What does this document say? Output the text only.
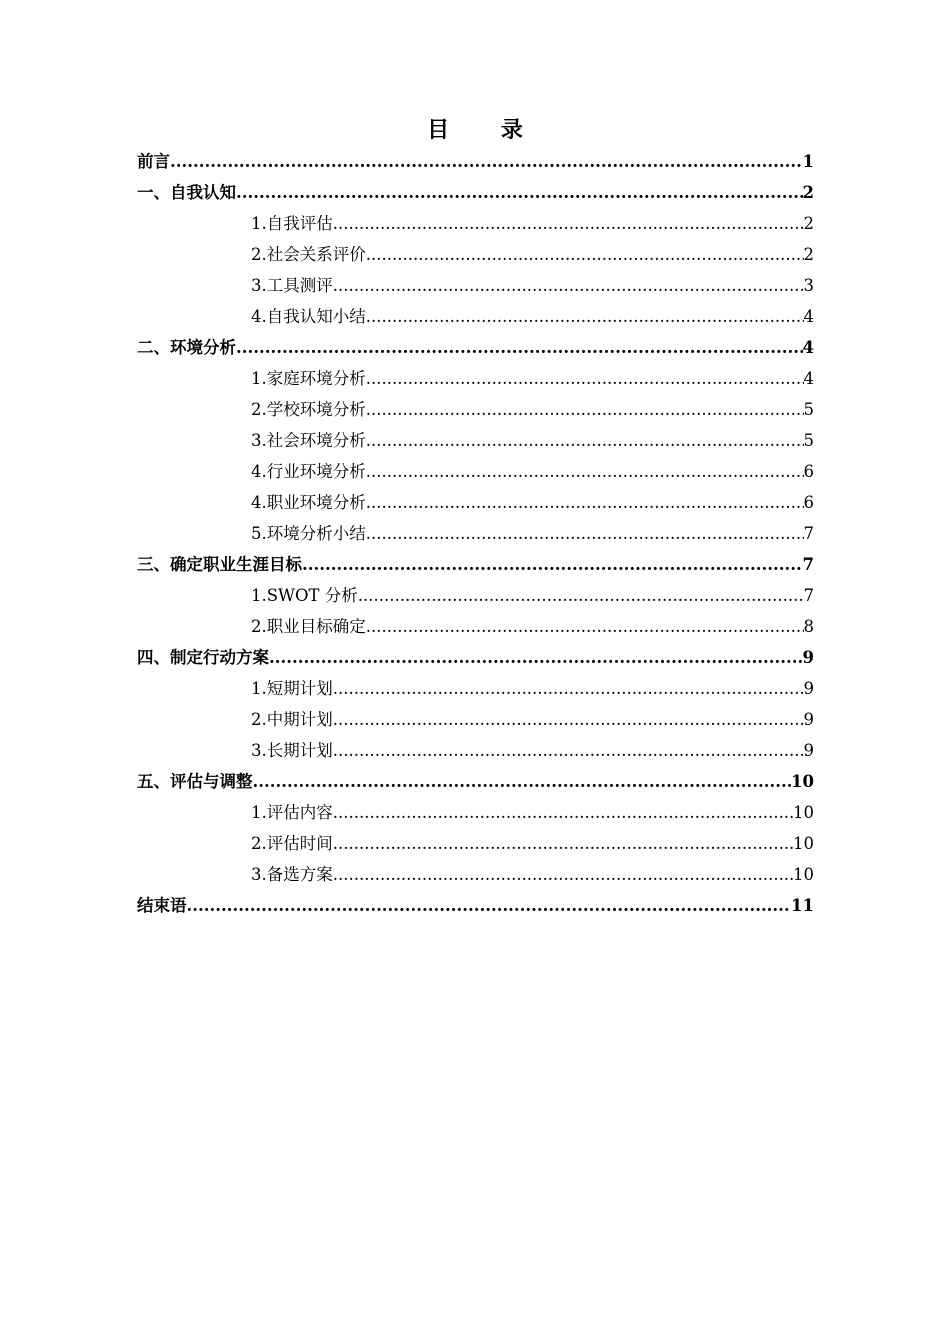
目 录
前言 .....	1
一、自我认知 .....	2
1.自我评估 .....	2
2.社会关系评价 .....	2
3.工具测评 .....	3
4.自我认知小结 .....	4
二、环境分析 .....	4
1.家庭环境分析 .....	4
2.学校环境分析 .....	5
3.社会环境分析 .....	5
4.行业环境分析 .....	6
4.职业环境分析 .....	6
5.环境分析小结 .....	7
三、确定职业生涯目标 .....	7
1.SWOT 分析 .....	7
2.职业目标确定 .....	8
四、制定行动方案 .....	9
1.短期计划 .....	9
2.中期计划 .....	9
3.长期计划 .....	9
五、评估与调整 .....	10
1.评估内容 .....	10
2.评估时间 .....	10
3.备选方案 .....	10
结束语 .....	11
